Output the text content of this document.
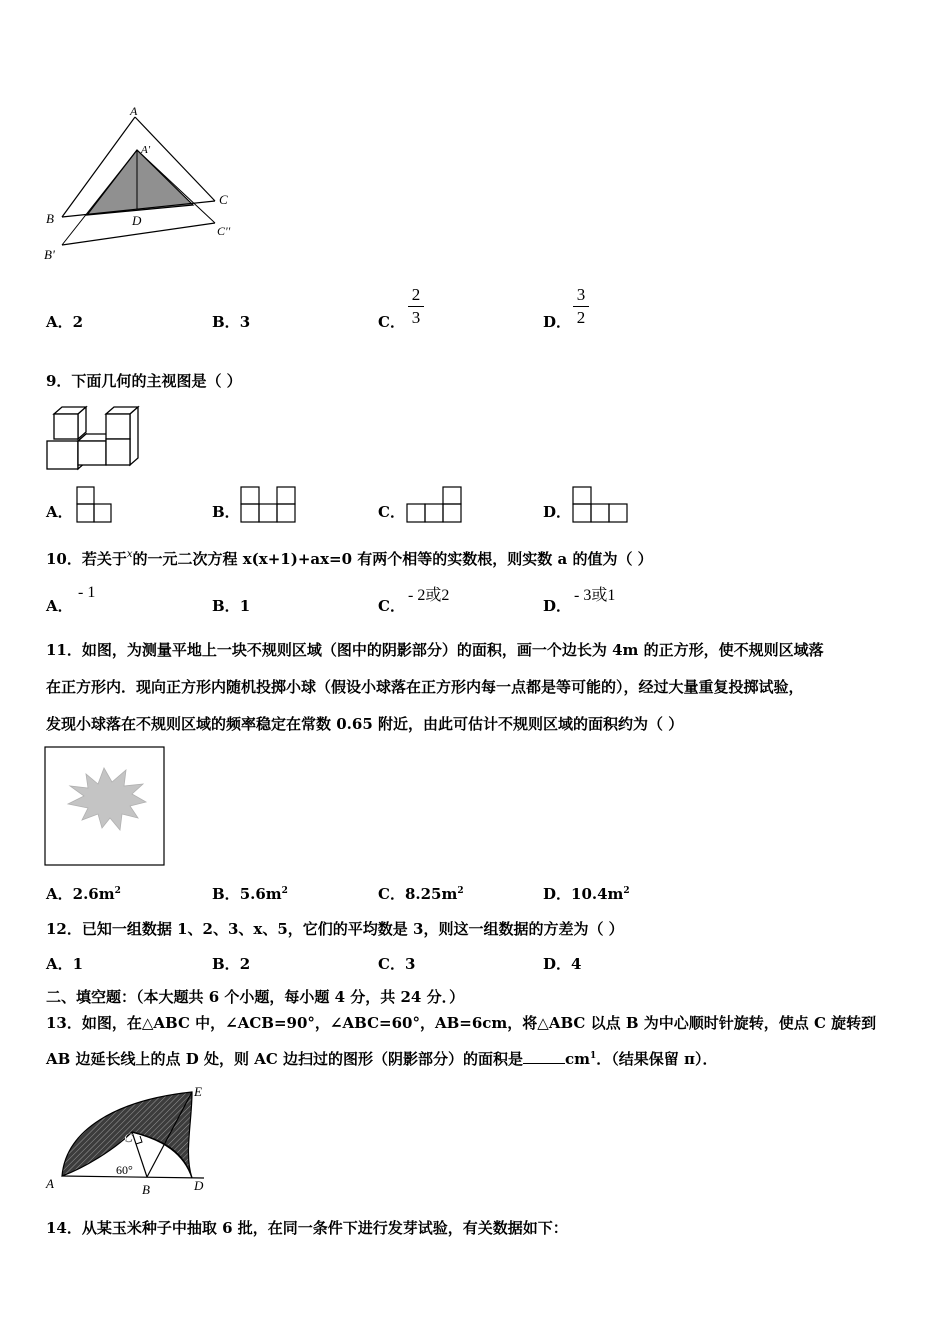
A
A'
B
C
D
B'
C''
A．2	B．3	C．
2
3	D．
3
2
9．下面几何的主视图是（ ）
A．	B．	C．	D．
10．若关于$^x$的一元二次方程 x(x+1)+ax=0 有两个相等的实数根，则实数 a 的值为（ ）
A．
- 1
B．1	C．
- 2或2
D．
- 3或1
11．如图，为测量平地上一块不规则区域（图中的阴影部分）的面积，画一个边长为 4m 的正方形，使不规则区域落
在正方形内．现向正方形内随机投掷小球（假设小球落在正方形内每一点都是等可能的），经过大量重复投掷试验，
发现小球落在不规则区域的频率稳定在常数 0.65 附近，由此可估计不规则区域的面积约为（ ）
A．$2.6m^2$	B．$5.6m^2$	C．$8.25m^2$	D．$10.4m^2$
12．已知一组数据 1、2、3、x、5，它们的平均数是 3，则这一组数据的方差为（ ）
A．1	B．2	C．3	D．4
二、填空题：（本大题共 6 个小题，每小题 4 分，共 24 分．）
13．如图，在△ABC 中，∠ACB=90°，∠ABC=60°，AB=6cm，将△ABC 以点 B 为中心顺时针旋转，使点 C 旋转到
AB 边延长线上的点 D 处，则 AC 边扫过的图形（阴影部分）的面积是	$cm^1$．（结果保留 π）．
E
C
60°
A	B	D
14．从某玉米种子中抽取 6 批，在同一条件下进行发芽试验，有关数据如下：
